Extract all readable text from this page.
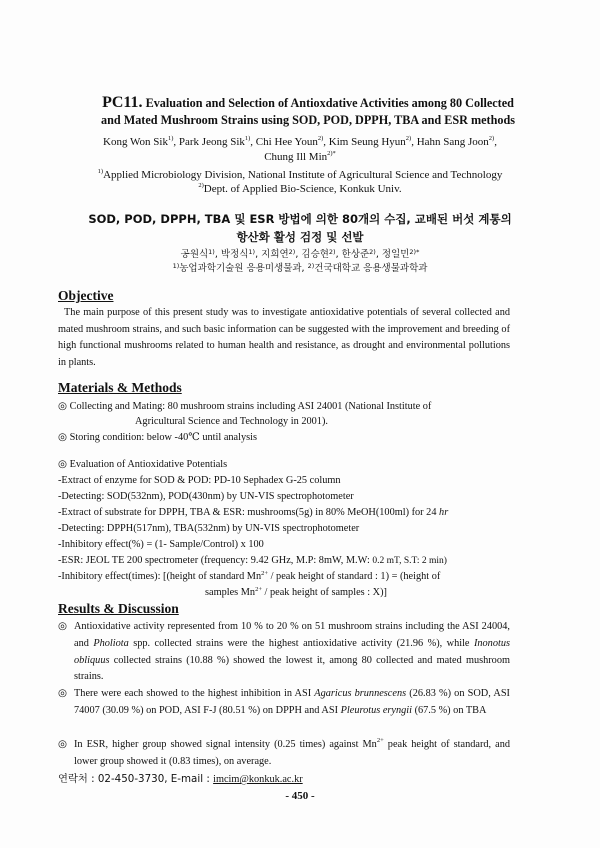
PC11. Evaluation and Selection of Antioxdative Activities among 80 Collected
and Mated Mushroom Strains using SOD, POD, DPPH, TBA and ESR methods
Kong Won Sik$^{1)}$, Park Jeong Sik$^{1)}$, Chi Hee Youn$^{2)}$, Kim Seung Hyun$^{2)}$, Hahn Sang Joon$^{2)}$,
Chung Ill Min$^{2)*}$
$^{1)}$Applied Microbiology Division, National Institute of Agricultural Science and Technology
$^{2)}$Dept. of Applied Bio-Science, Konkuk Univ.
SOD, POD, DPPH, TBA 및 ESR 방법에 의한 80개의 수집, 교배된 버섯 계통의
항산화 활성 검정 및 선발
공원식$^{1)}$, 박정식$^{1)}$, 지희연$^{2)}$, 김승현$^{2)}$, 한상준$^{2)}$, 정일민$^{2)*}$
$^{1)}$농업과학기술원 응용미생물과, $^{2)}$건국대학교 응용생물과학과
Objective
The main purpose of this present study was to investigate antioxidative potentials of several collected and mated mushroom strains, and such basic information can be suggested with the improvement and breeding of high functional mushrooms related to human health and resistance, as drought and environmental pollutions in plants.
Materials & Methods
◎ Collecting and Mating: 80 mushroom strains including ASI 24001 (National Institute of
Agricultural Science and Technology in 2001).
◎ Storing condition: below -40℃ until analysis
◎ Evaluation of Antioxidative Potentials
-Extract of enzyme for SOD & POD: PD-10 Sephadex G-25 column
-Detecting: SOD(532nm), POD(430nm) by UN-VIS spectrophotometer
-Extract of substrate for DPPH, TBA & ESR: mushrooms(5g) in 80% MeOH(100ml) for 24 hr
-Detecting: DPPH(517nm), TBA(532nm) by UN-VIS spectrophotometer
-Inhibitory effect(%) = (1- Sample/Control) x 100
-ESR: JEOL TE 200 spectrometer (frequency: 9.42 GHz, M.P: 8mW, M.W: 0.2 mT, S.T: 2 min)
-Inhibitory effect(times): [(height of standard $Mn^{2+}$ / peak height of standard : 1) = (height of
samples $Mn^{2+}$ / peak height of samples : X)]
Results & Discussion
◎ Antioxidative activity represented from 10 % to 20 % on 51 mushroom strains including the ASI 24004, and Pholiota spp. collected strains were the highest antioxidative activity (21.96 %), while Inonotus obliquus collected strains (10.88 %) showed the lowest it, among 80 collected and mated mushroom strains.
◎ There were each showed to the highest inhibition in ASI Agaricus brunnescens (26.83 %) on SOD, ASI 74007 (30.09 %) on POD, ASI F-J (80.51 %) on DPPH and ASI Pleurotus eryngii (67.5 %) on TBA
◎ In ESR, higher group showed signal intensity (0.25 times) against $Mn^{2+}$ peak height of standard, and lower group showed it (0.83 times), on average.
연락처 : 02-450-3730, E-mail : imcim@konkuk.ac.kr
- 450 -
